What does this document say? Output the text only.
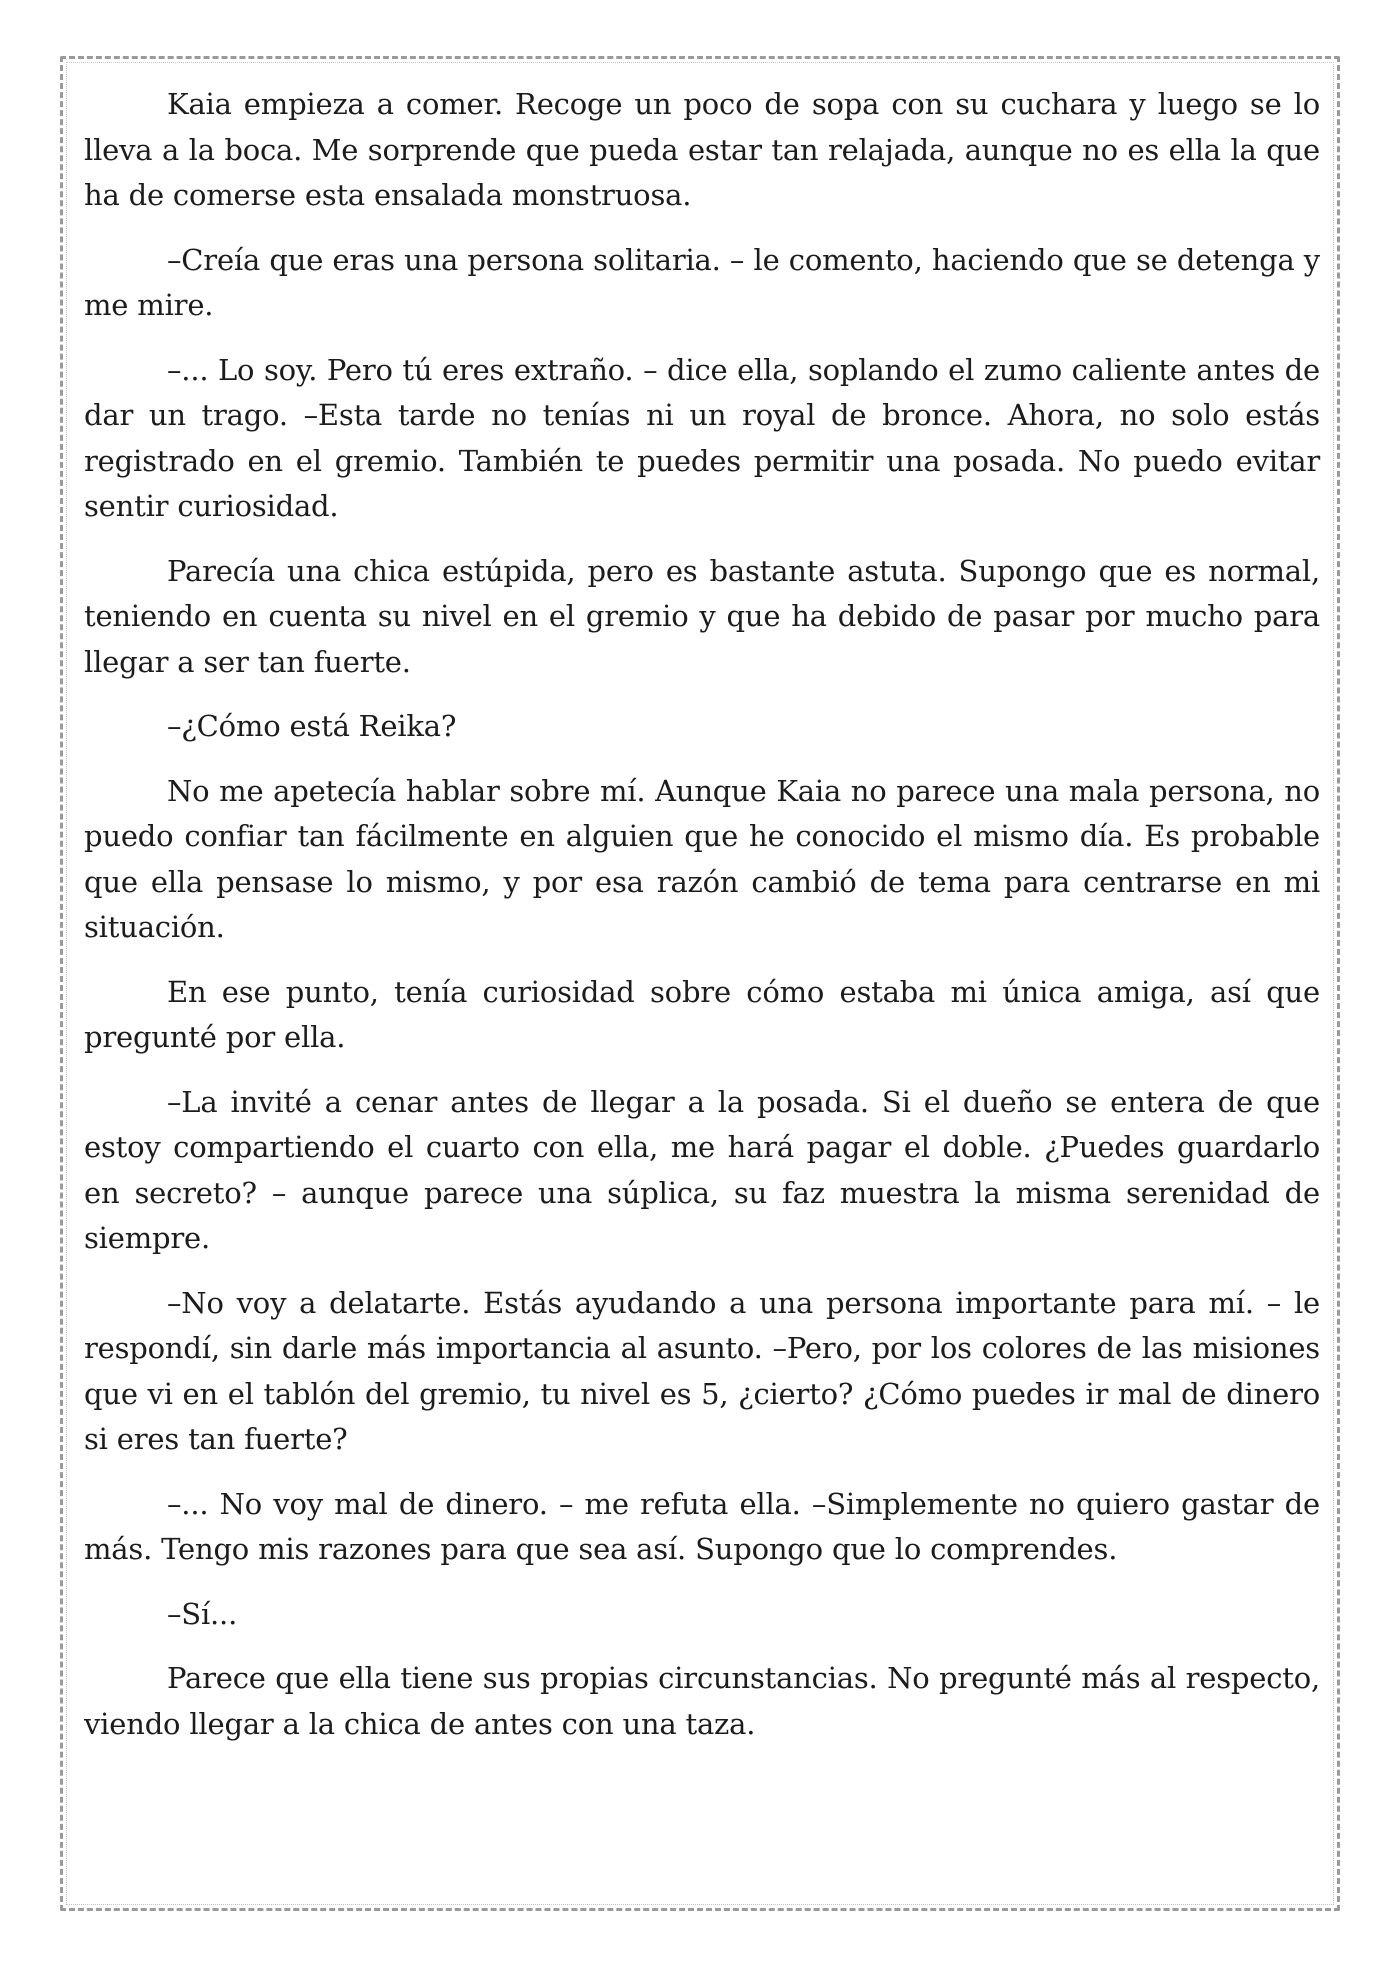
Kaia empieza a comer. Recoge un poco de sopa con su cuchara y luego se lo lleva a la boca. Me sorprende que pueda estar tan relajada, aunque no es ella la que ha de comerse esta ensalada monstruosa.

–Creía que eras una persona solitaria. – le comento, haciendo que se detenga y me mire.

–... Lo soy. Pero tú eres extraño. – dice ella, soplando el zumo caliente antes de dar un trago. –Esta tarde no tenías ni un royal de bronce. Ahora, no solo estás registrado en el gremio. También te puedes permitir una posada. No puedo evitar sentir curiosidad.

Parecía una chica estúpida, pero es bastante astuta. Supongo que es normal, teniendo en cuenta su nivel en el gremio y que ha debido de pasar por mucho para llegar a ser tan fuerte.

–¿Cómo está Reika?

No me apetecía hablar sobre mí. Aunque Kaia no parece una mala persona, no puedo confiar tan fácilmente en alguien que he conocido el mismo día. Es probable que ella pensase lo mismo, y por esa razón cambió de tema para centrarse en mi situación.

En ese punto, tenía curiosidad sobre cómo estaba mi única amiga, así que pregunté por ella.

–La invité a cenar antes de llegar a la posada. Si el dueño se entera de que estoy compartiendo el cuarto con ella, me hará pagar el doble. ¿Puedes guardarlo en secreto? – aunque parece una súplica, su faz muestra la misma serenidad de siempre.

–No voy a delatarte. Estás ayudando a una persona importante para mí. – le respondí, sin darle más importancia al asunto. –Pero, por los colores de las misiones que vi en el tablón del gremio, tu nivel es 5, ¿cierto? ¿Cómo puedes ir mal de dinero si eres tan fuerte?

–... No voy mal de dinero. – me refuta ella. –Simplemente no quiero gastar de más. Tengo mis razones para que sea así. Supongo que lo comprendes.

–Sí...

Parece que ella tiene sus propias circunstancias. No pregunté más al respecto, viendo llegar a la chica de antes con una taza.
